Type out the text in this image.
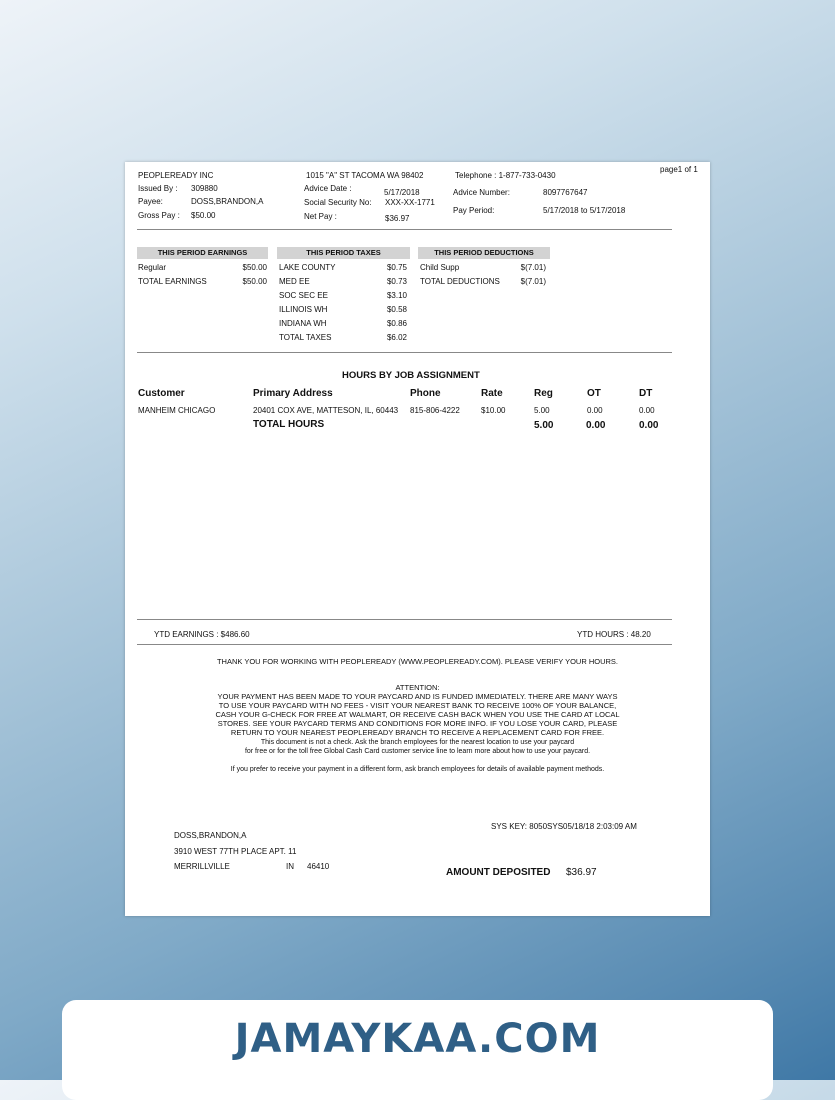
PEOPLEREADY INC	1015 "A" ST TACOMA WA 98402	Telephone : 1-877-733-0430
page1 of 1
Issued By : 309880
Payee:	DOSS,BRANDON,A
Gross Pay : $50.00
Advice Date :	5/17/2018
Social Security No: XXX-XX-1771
Net Pay :	$36.97
Advice Number:	8097767647
Pay Period:	5/17/2018 to 5/17/2018
THIS PERIOD EARNINGS	THIS PERIOD TAXES	THIS PERIOD DEDUCTIONS
Regular	$50.00
TOTAL EARNINGS	$50.00
LAKE COUNTY	$0.75
MED EE	$0.73
SOC SEC EE	$3.10
ILLINOIS WH	$0.58
INDIANA WH	$0.86
TOTAL TAXES	$6.02
Child Supp	$(7.01)
TOTAL DEDUCTIONS	$(7.01)
HOURS BY JOB ASSIGNMENT
Customer	Primary Address	Phone	Rate	Reg	OT	DT
MANHEIM CHICAGO	20401 COX AVE, MATTESON, IL, 60443 815-806-4222	$10.00	5.00	0.00	0.00
TOTAL HOURS	5.00	0.00	0.00
YTD EARNINGS : $486.60	YTD HOURS : 48.20
THANK YOU FOR WORKING WITH PEOPLEREADY (WWW.PEOPLEREADY.COM). PLEASE VERIFY YOUR HOURS.
ATTENTION:
YOUR PAYMENT HAS BEEN MADE TO YOUR PAYCARD AND IS FUNDED IMMEDIATELY. THERE ARE MANY WAYS
TO USE YOUR PAYCARD WITH NO FEES - VISIT YOUR NEAREST BANK TO RECEIVE 100% OF YOUR BALANCE,
CASH YOUR G-CHECK FOR FREE AT WALMART, OR RECEIVE CASH BACK WHEN YOU USE THE CARD AT LOCAL
STORES. SEE YOUR PAYCARD TERMS AND CONDITIONS FOR MORE INFO. IF YOU LOSE YOUR CARD, PLEASE
RETURN TO YOUR NEAREST PEOPLEREADY BRANCH TO RECEIVE A REPLACEMENT CARD FOR FREE.
This document is not a check. Ask the branch employees for the nearest location to use your paycard
for free or for the toll free Global Cash Card customer service line to learn more about how to use your paycard.
If you prefer to receive your payment in a different form, ask branch employees for details of available payment methods.
SYS KEY: 8050SYS05/18/18 2:03:09 AM
DOSS,BRANDON,A
3910 WEST 77TH PLACE APT. 11
MERRILLVILLE	IN 46410
AMOUNT DEPOSITED $36.97
JAMAYKAA.COM
